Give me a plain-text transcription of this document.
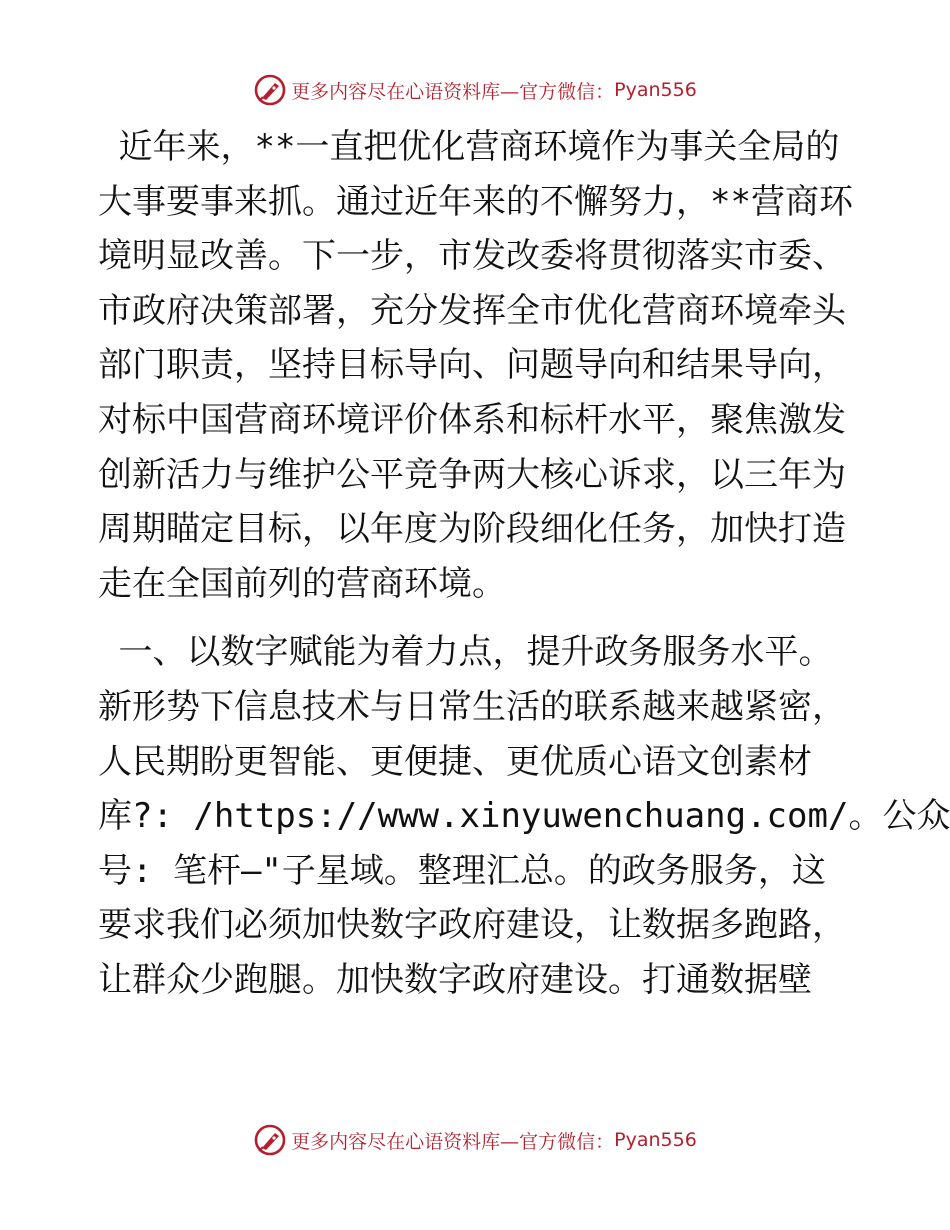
更多内容尽在心语资料库—官方微信： Pyan556
近年来，**一直把优化营商环境作为事关全局的
大事要事来抓。通过近年来的不懈努力，**营商环
境明显改善。下一步，市发改委将贯彻落实市委、
市政府决策部署，充分发挥全市优化营商环境牵头
部门职责，坚持目标导向、问题导向和结果导向，
对标中国营商环境评价体系和标杆水平，聚焦激发
创新活力与维护公平竞争两大核心诉求，以三年为
周期瞄定目标，以年度为阶段细化任务，加快打造
走在全国前列的营商环境。
一、以数字赋能为着力点，提升政务服务水平。
新形势下信息技术与日常生活的联系越来越紧密，
人民期盼更智能、更便捷、更优质心语文创素材
库?: /https://www.xinyuwenchuang.com/。公众
号: 笔杆—"子星域。整理汇总。的政务服务，这
要求我们必须加快数字政府建设，让数据多跑路，
让群众少跑腿。加快数字政府建设。打通数据壁
更多内容尽在心语资料库—官方微信： Pyan556
